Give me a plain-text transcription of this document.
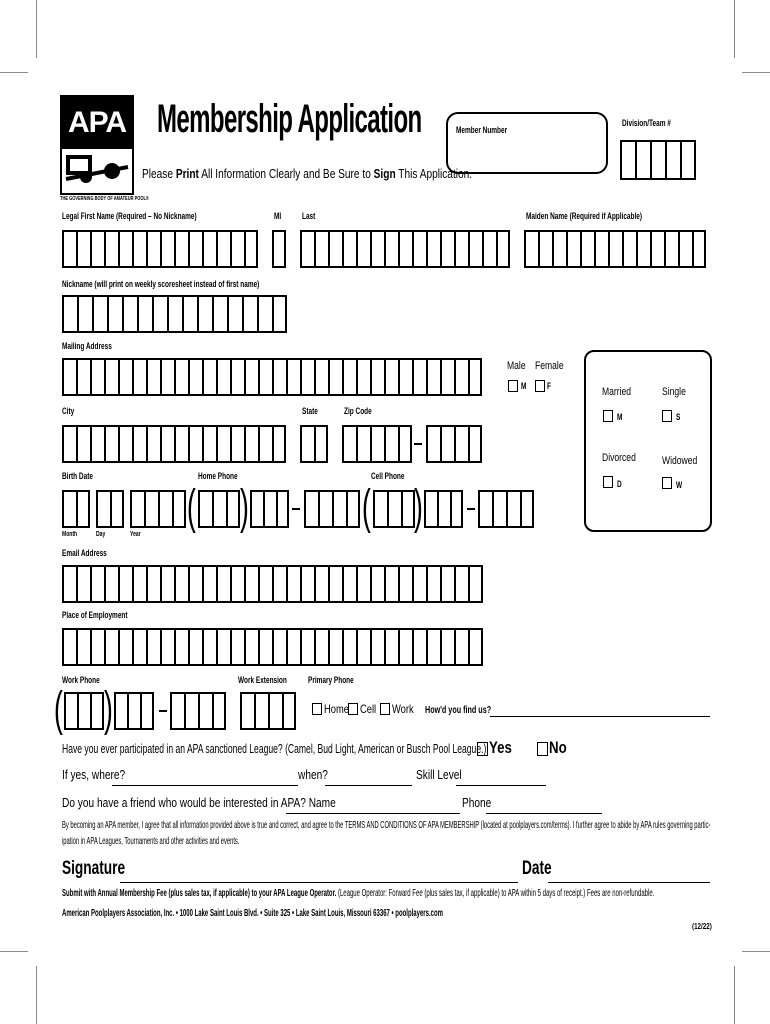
APA
THE GOVERNING BODY OF AMATEUR POOL®
Membership Application
Please Print All Information Clearly and Be Sure to Sign This Application.
Member Number
Division/Team #
Legal First Name (Required – No Nickname)	MI Last	Maiden Name (Required if Applicable)
Nickname (will print on weekly scoresheet instead of first name)
Mailing Address
Male Female
M F	Married	Single
M	S
Divorced Widowed
D	W
City	State	Zip Code
Birth Date	Home Phone	Cell Phone
Month	Day	Year
( ) ( )
Email Address
Place of Employment
Work Phone	Work Extension Primary Phone
( )	Home Cell Work How'd you find us?
Have you ever participated in an APA sanctioned League? (Camel, Bud Light, American or Busch Pool League.) Yes No
If yes, where?	when?	Skill Level
Do you have a friend who would be interested in APA? Name	Phone
By becoming an APA member, I agree that all information provided above is true and correct, and agree to the TERMS AND CONDITIONS OF APA MEMBERSHIP (located at poolplayers.com/terms). I further agree to abide by APA rules governing partic-
ipation in APA Leagues, Tournaments and other activities and events.
Signature	Date
Submit with Annual Membership Fee (plus sales tax, if applicable) to your APA League Operator. (League Operator: Forward Fee (plus sales tax, if applicable) to APA within 5 days of receipt.) Fees are non-refundable.
American Poolplayers Association, Inc. • 1000 Lake Saint Louis Blvd. • Suite 325 • Lake Saint Louis, Missouri 63367 • poolplayers.com
(12/22)
